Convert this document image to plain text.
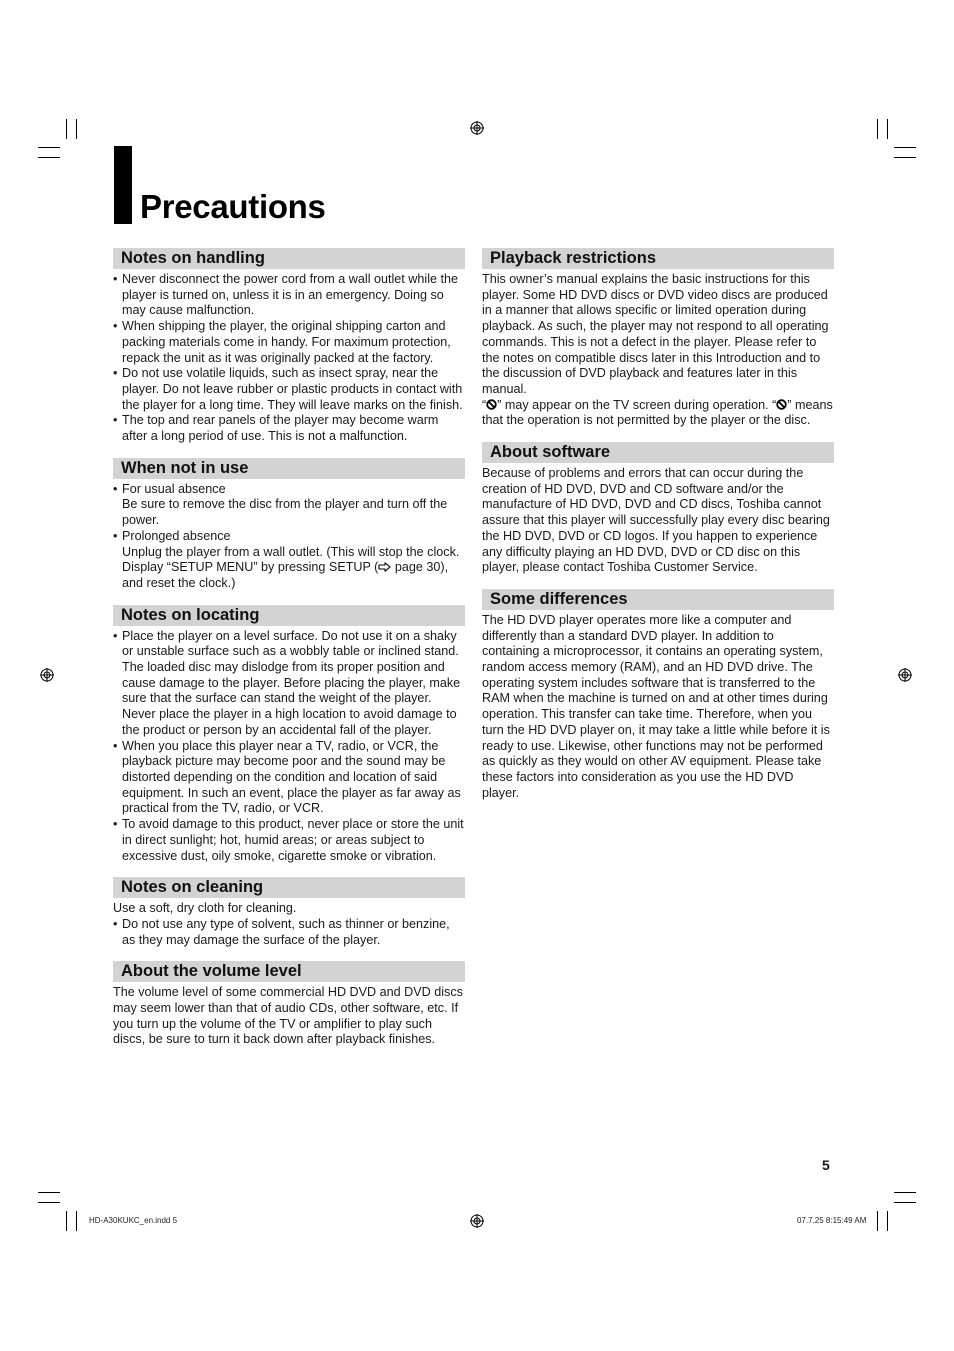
Precautions
Notes on handling

• Never disconnect the power cord from a wall outlet while the player is turned on, unless it is in an emergency. Doing so may cause malfunction.

• When shipping the player, the original shipping carton and packing materials come in handy. For maximum protection, repack the unit as it was originally packed at the factory.

• Do not use volatile liquids, such as insect spray, near the player. Do not leave rubber or plastic products in contact with the player for a long time. They will leave marks on the finish.

• The top and rear panels of the player may become warm after a long period of use. This is not a malfunction.

When not in use

• For usual absence

Be sure to remove the disc from the player and turn off the power.

• Prolonged absence

Unplug the player from a wall outlet. (This will stop the clock. Display “SETUP MENU” by pressing SETUP ( page 30), and reset the clock.)

Notes on locating

• Place the player on a level surface. Do not use it on a shaky or unstable surface such as a wobbly table or inclined stand. The loaded disc may dislodge from its proper position and cause damage to the player. Before placing the player, make sure that the surface can stand the weight of the player. Never place the player in a high location to avoid damage to the product or person by an accidental fall of the player.

• When you place this player near a TV, radio, or VCR, the playback picture may become poor and the sound may be distorted depending on the condition and location of said equipment. In such an event, place the player as far away as practical from the TV, radio, or VCR.

• To avoid damage to this product, never place or store the unit in direct sunlight; hot, humid areas; or areas subject to excessive dust, oily smoke, cigarette smoke or vibration.

Notes on cleaning

Use a soft, dry cloth for cleaning.

• Do not use any type of solvent, such as thinner or benzine, as they may damage the surface of the player.

About the volume level

The volume level of some commercial HD DVD and DVD discs may seem lower than that of audio CDs, other software, etc. If you turn up the volume of the TV or amplifier to play such discs, be sure to turn it back down after playback finishes.

Playback restrictions

This owner’s manual explains the basic instructions for this player. Some HD DVD discs or DVD video discs are produced in a manner that allows specific or limited operation during playback. As such, the player may not respond to all operating commands. This is not a defect in the player. Please refer to the notes on compatible discs later in this Introduction and to the discussion of DVD playback and features later in this manual.

“ ” may appear on the TV screen during operation. “ ” means that the operation is not permitted by the player or the disc.

About software

Because of problems and errors that can occur during the creation of HD DVD, DVD and CD software and/or the manufacture of HD DVD, DVD and CD discs, Toshiba cannot assure that this player will successfully play every disc bearing the HD DVD, DVD or CD logos. If you happen to experience any difficulty playing an HD DVD, DVD or CD disc on this player, please contact Toshiba Customer Service.

Some differences

The HD DVD player operates more like a computer and differently than a standard DVD player. In addition to containing a microprocessor, it contains an operating system, random access memory (RAM), and an HD DVD drive. The operating system includes software that is transferred to the RAM when the machine is turned on and at other times during operation. This transfer can take time. Therefore, when you turn the HD DVD player on, it may take a little while before it is ready to use. Likewise, other functions may not be performed as quickly as they would on other AV equipment. Please take these factors into consideration as you use the HD DVD player.

5
HD-A30KUKC_en.indd 5	07.7.25 8:15:49 AM
